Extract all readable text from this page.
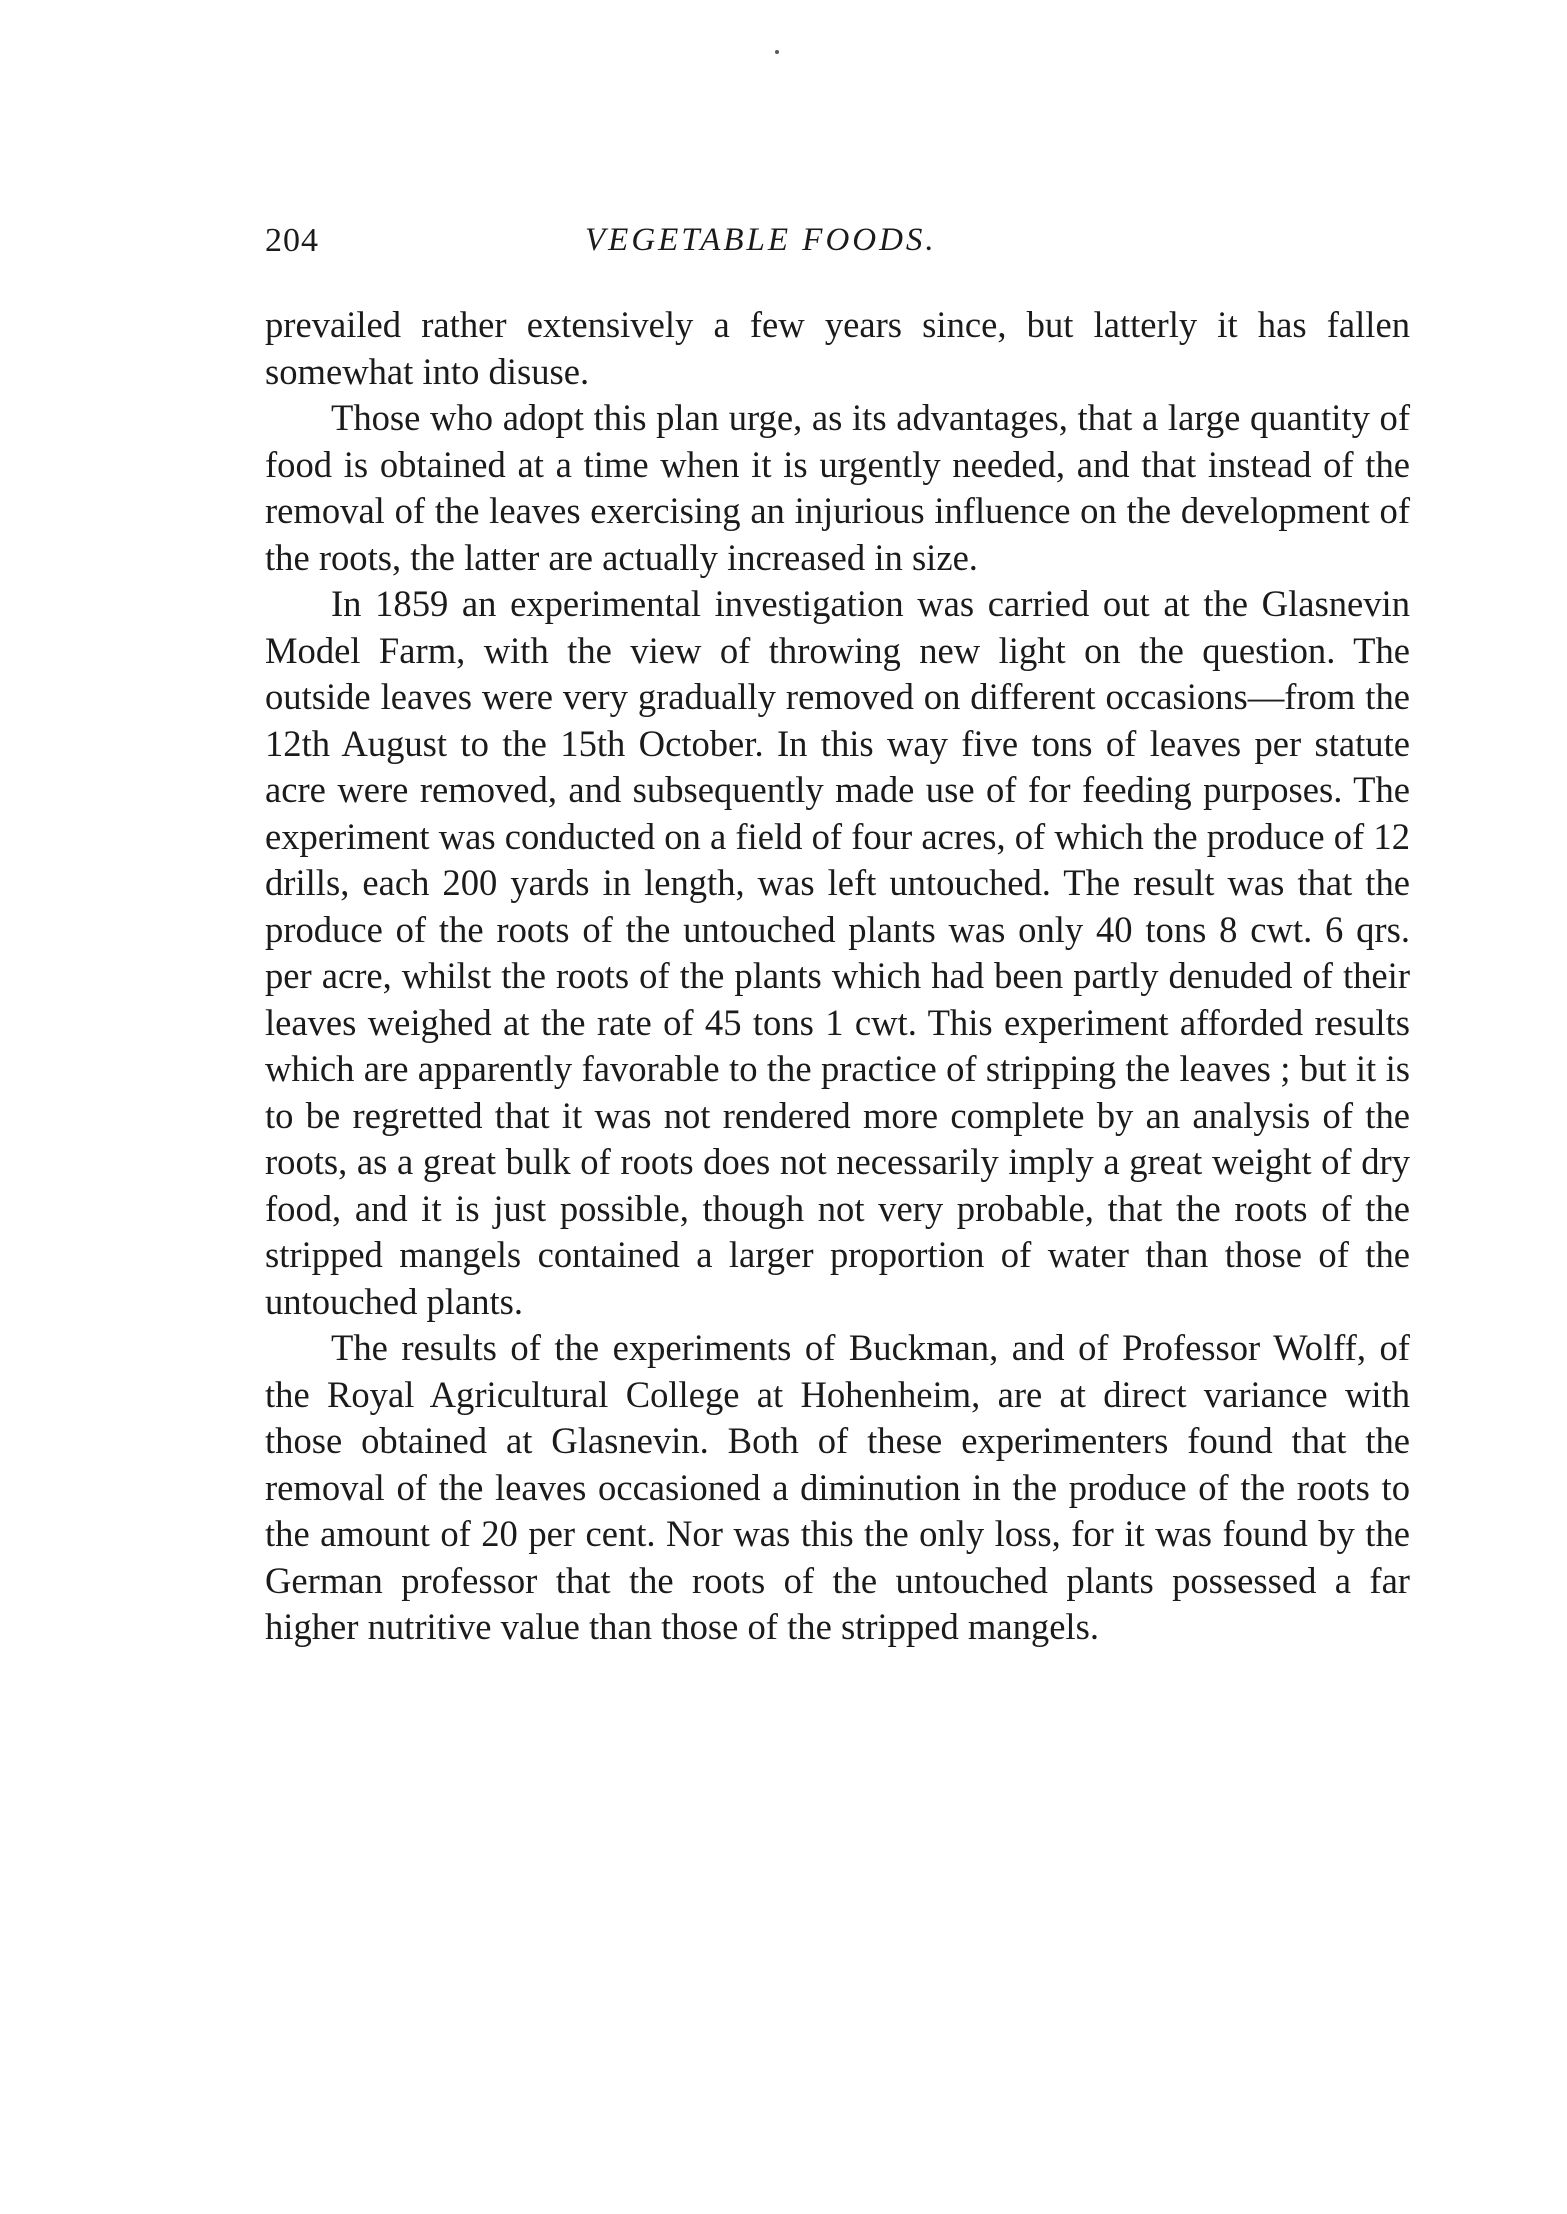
204	VEGETABLE FOODS.

prevailed rather extensively a few years since, but latterly it has fallen somewhat into disuse.

Those who adopt this plan urge, as its advantages, that a large quantity of food is obtained at a time when it is urgently needed, and that instead of the removal of the leaves exercising an injurious influence on the development of the roots, the latter are actually increased in size.

In 1859 an experimental investigation was carried out at the Glasnevin Model Farm, with the view of throwing new light on the question. The outside leaves were very gradually removed on different occasions—from the 12th August to the 15th October. In this way five tons of leaves per statute acre were removed, and subsequently made use of for feeding purposes. The experiment was conducted on a field of four acres, of which the produce of 12 drills, each 200 yards in length, was left untouched. The result was that the produce of the roots of the untouched plants was only 40 tons 8 cwt. 6 qrs. per acre, whilst the roots of the plants which had been partly denuded of their leaves weighed at the rate of 45 tons 1 cwt. This experiment afforded results which are apparently favorable to the practice of stripping the leaves ; but it is to be regretted that it was not rendered more complete by an analysis of the roots, as a great bulk of roots does not necessarily imply a great weight of dry food, and it is just possible, though not very probable, that the roots of the stripped mangels contained a larger proportion of water than those of the untouched plants.

The results of the experiments of Buckman, and of Professor Wolff, of the Royal Agricultural College at Hohenheim, are at direct variance with those obtained at Glasnevin. Both of these experimenters found that the removal of the leaves occasioned a diminution in the produce of the roots to the amount of 20 per cent. Nor was this the only loss, for it was found by the German professor that the roots of the untouched plants possessed a far higher nutritive value than those of the stripped mangels.
